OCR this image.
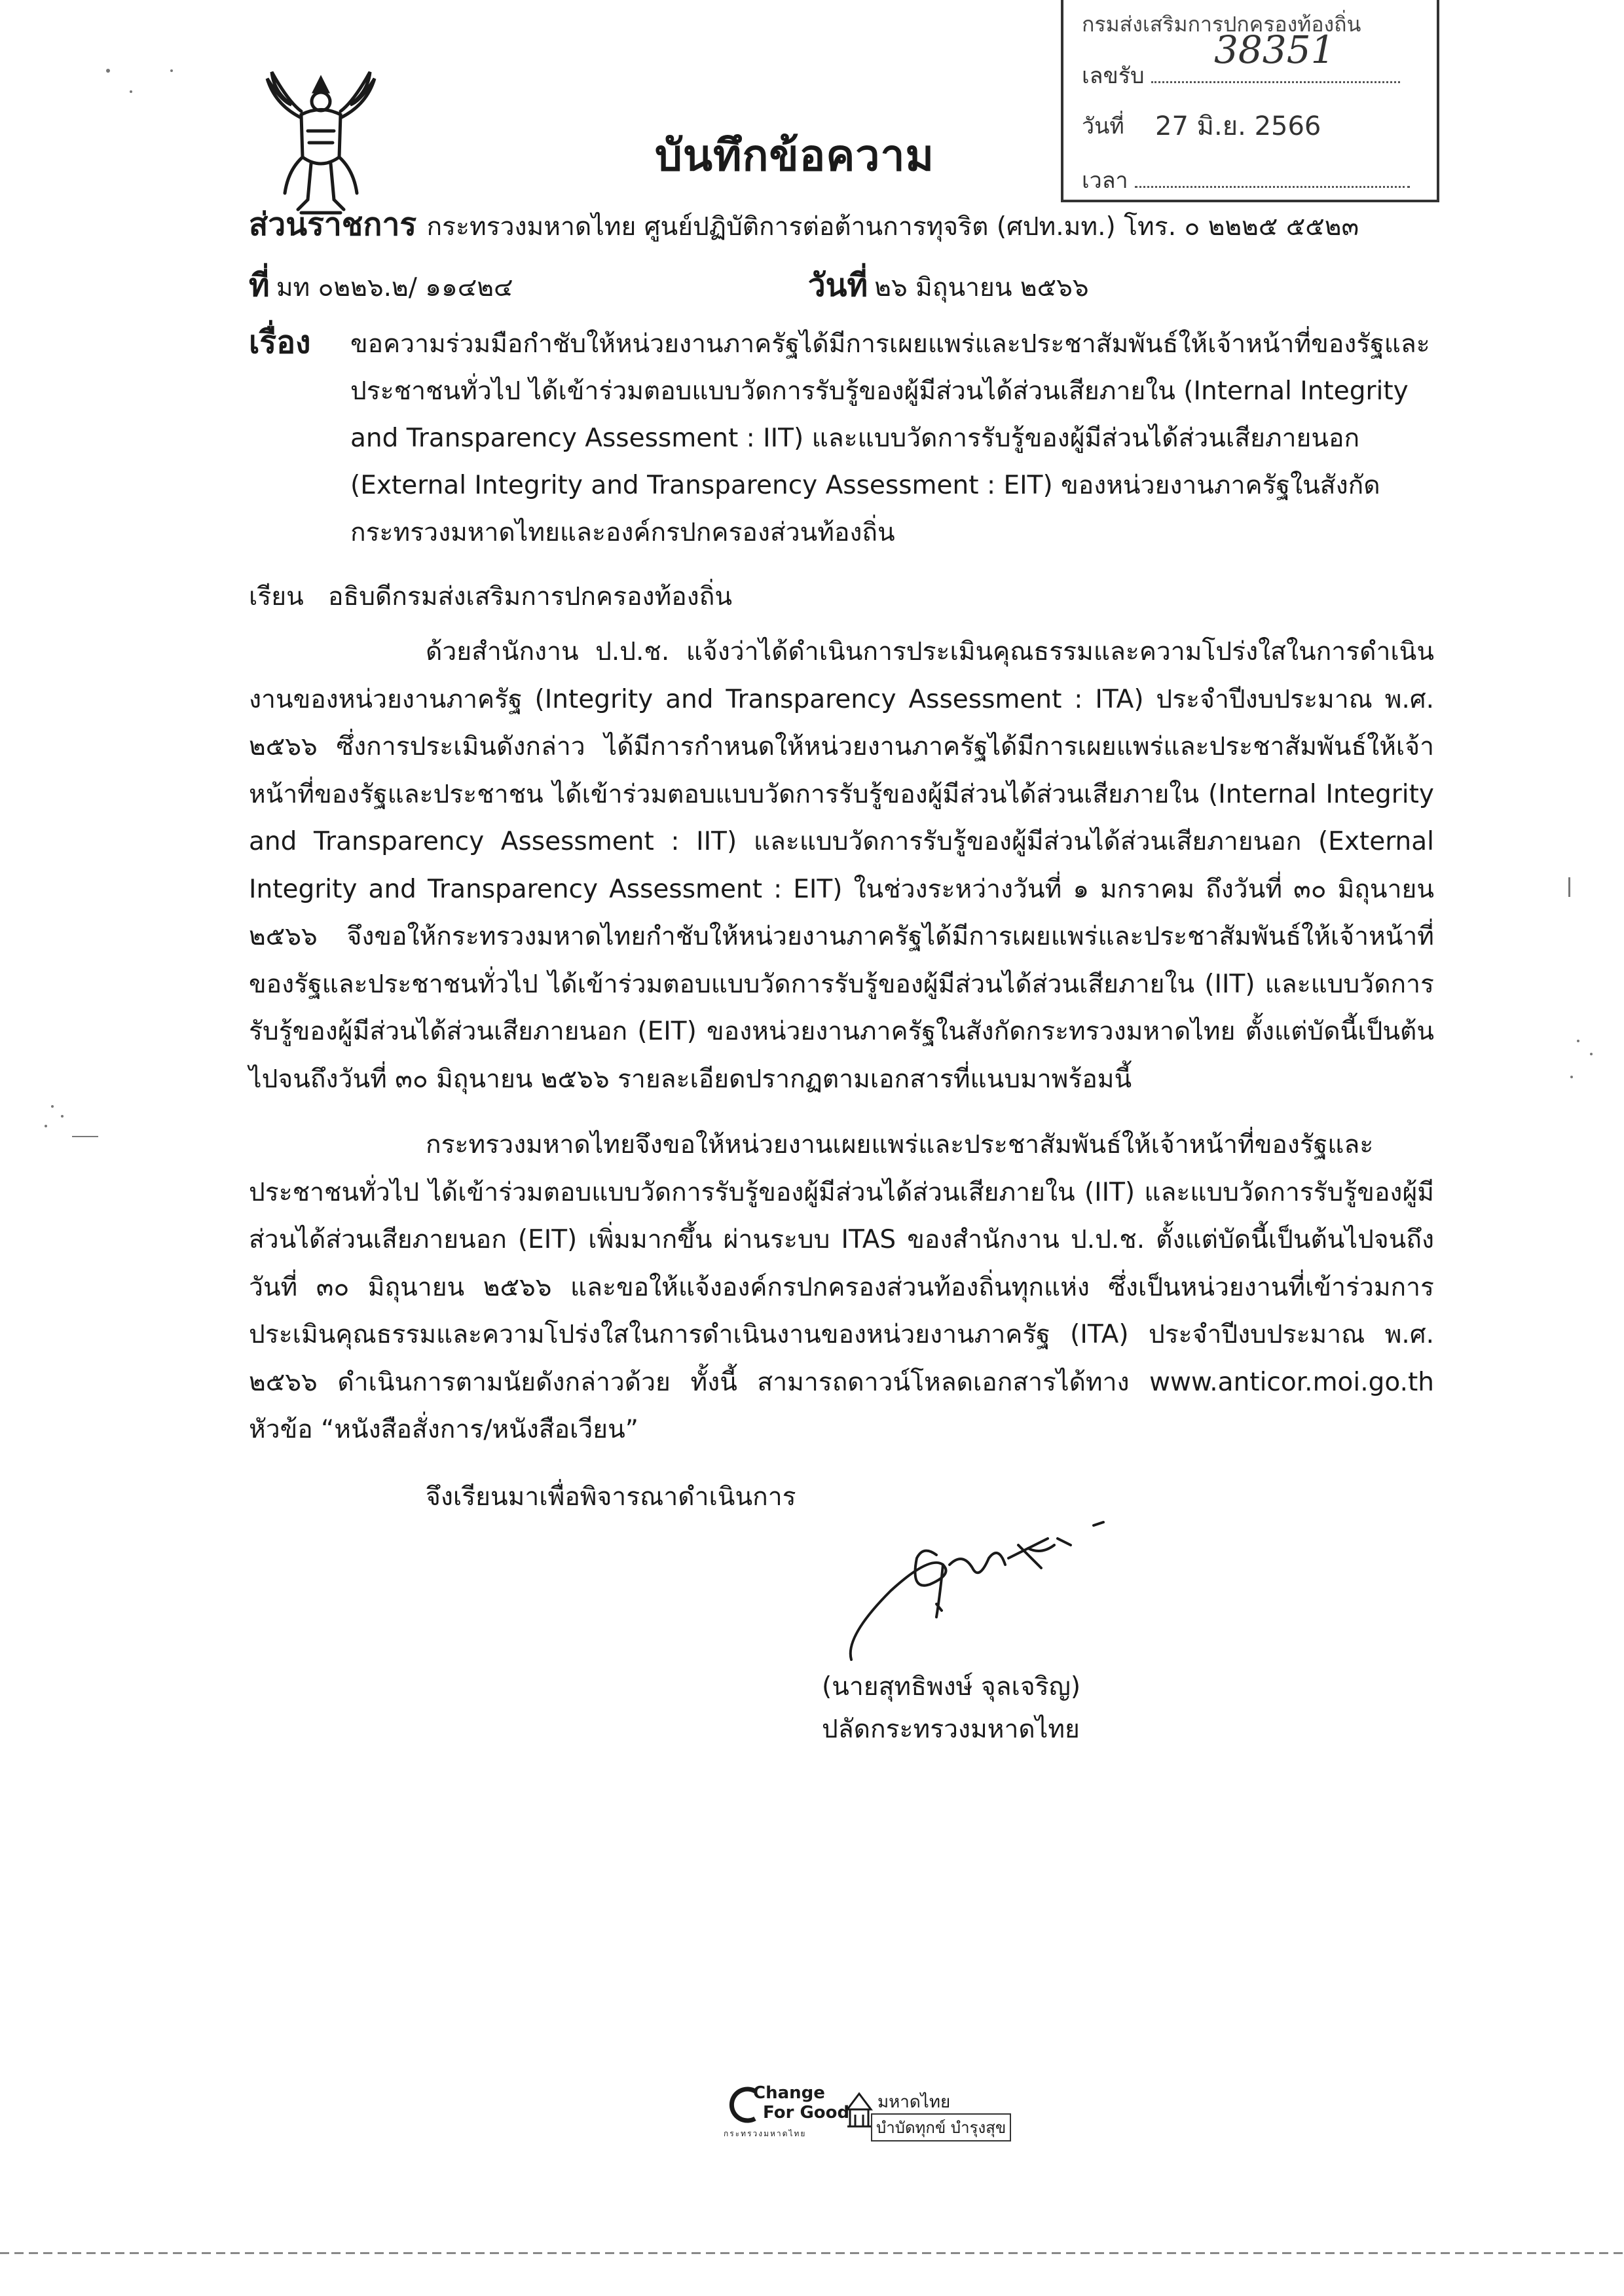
บันทึกข้อความ
กรมส่งเสริมการปกครองท้องถิ่น
เลขรับ
38351
วันที่ 27 มิ.ย. 2566
เวลา
ส่วนราชการ กระทรวงมหาดไทย ศูนย์ปฏิบัติการต่อต้านการทุจริต (ศปท.มท.) โทร. ๐ ๒๒๒๕ ๕๕๒๓
ที่ มท ๐๒๒๖.๒/ ๑๑๔๒๔	วันที่ ๒๖ มิถุนายน ๒๕๖๖
เรื่อง	ขอความร่วมมือกำชับให้หน่วยงานภาครัฐได้มีการเผยแพร่และประชาสัมพันธ์ให้เจ้าหน้าที่ของรัฐและประชาชนทั่วไป ได้เข้าร่วมตอบแบบวัดการรับรู้ของผู้มีส่วนได้ส่วนเสียภายใน (Internal Integrity and Transparency Assessment : IIT) และแบบวัดการรับรู้ของผู้มีส่วนได้ส่วนเสียภายนอก (External Integrity and Transparency Assessment : EIT) ของหน่วยงานภาครัฐในสังกัดกระทรวงมหาดไทยและองค์กรปกครองส่วนท้องถิ่น
เรียน อธิบดีกรมส่งเสริมการปกครองท้องถิ่น

ด้วยสำนักงาน ป.ป.ช. แจ้งว่าได้ดำเนินการประเมินคุณธรรมและความโปร่งใสในการดำเนินงานของหน่วยงานภาครัฐ (Integrity and Transparency Assessment : ITA) ประจำปีงบประมาณ พ.ศ. ๒๕๖๖ ซึ่งการประเมินดังกล่าว ได้มีการกำหนดให้หน่วยงานภาครัฐได้มีการเผยแพร่และประชาสัมพันธ์ให้เจ้าหน้าที่ของรัฐและประชาชน ได้เข้าร่วมตอบแบบวัดการรับรู้ของผู้มีส่วนได้ส่วนเสียภายใน (Internal Integrity and Transparency Assessment : IIT) และแบบวัดการรับรู้ของผู้มีส่วนได้ส่วนเสียภายนอก (External Integrity and Transparency Assessment : EIT) ในช่วงระหว่างวันที่ ๑ มกราคม ถึงวันที่ ๓๐ มิถุนายน ๒๕๖๖ จึงขอให้กระทรวงมหาดไทยกำชับให้หน่วยงานภาครัฐได้มีการเผยแพร่และประชาสัมพันธ์ให้เจ้าหน้าที่ของรัฐและประชาชนทั่วไป ได้เข้าร่วมตอบแบบวัดการรับรู้ของผู้มีส่วนได้ส่วนเสียภายใน (IIT) และแบบวัดการรับรู้ของผู้มีส่วนได้ส่วนเสียภายนอก (EIT) ของหน่วยงานภาครัฐในสังกัดกระทรวงมหาดไทย ตั้งแต่บัดนี้เป็นต้นไปจนถึงวันที่ ๓๐ มิถุนายน ๒๕๖๖ รายละเอียดปรากฏตามเอกสารที่แนบมาพร้อมนี้

กระทรวงมหาดไทยจึงขอให้หน่วยงานเผยแพร่และประชาสัมพันธ์ให้เจ้าหน้าที่ของรัฐและประชาชนทั่วไป ได้เข้าร่วมตอบแบบวัดการรับรู้ของผู้มีส่วนได้ส่วนเสียภายใน (IIT) และแบบวัดการรับรู้ของผู้มีส่วนได้ส่วนเสียภายนอก (EIT) เพิ่มมากขึ้น ผ่านระบบ ITAS ของสำนักงาน ป.ป.ช. ตั้งแต่บัดนี้เป็นต้นไปจนถึงวันที่ ๓๐ มิถุนายน ๒๕๖๖ และขอให้แจ้งองค์กรปกครองส่วนท้องถิ่นทุกแห่ง ซึ่งเป็นหน่วยงานที่เข้าร่วมการประเมินคุณธรรมและความโปร่งใสในการดำเนินงานของหน่วยงานภาครัฐ (ITA) ประจำปีงบประมาณ พ.ศ. ๒๕๖๖ ดำเนินการตามนัยดังกล่าวด้วย ทั้งนี้ สามารถดาวน์โหลดเอกสารได้ทาง www.anticor.moi.go.th หัวข้อ “หนังสือสั่งการ/หนังสือเวียน”

จึงเรียนมาเพื่อพิจารณาดำเนินการ
(นายสุทธิพงษ์ จุลเจริญ)
ปลัดกระทรวงมหาดไทย
Change
For Good
กระทรวงมหาดไทย
มหาดไทย
บำบัดทุกข์ บำรุงสุข
